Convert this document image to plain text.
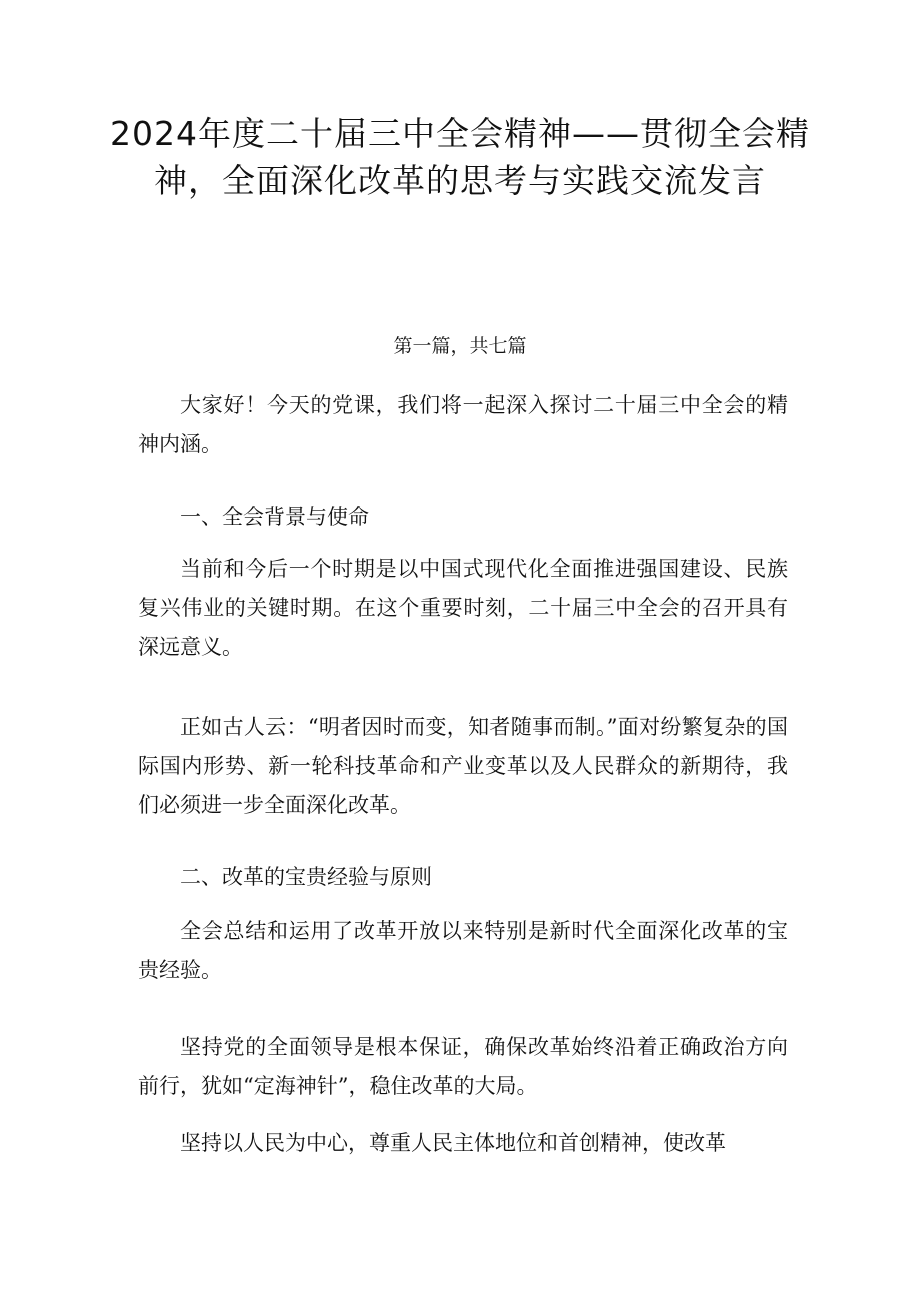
2024年度二十届三中全会精神——贯彻全会精神，全面深化改革的思考与实践交流发言

第一篇，共七篇

大家好！今天的党课，我们将一起深入探讨二十届三中全会的精神内涵。

一、全会背景与使命

当前和今后一个时期是以中国式现代化全面推进强国建设、民族复兴伟业的关键时期。在这个重要时刻，二十届三中全会的召开具有深远意义。

正如古人云：“明者因时而变，知者随事而制。”面对纷繁复杂的国际国内形势、新一轮科技革命和产业变革以及人民群众的新期待，我们必须进一步全面深化改革。

二、改革的宝贵经验与原则

全会总结和运用了改革开放以来特别是新时代全面深化改革的宝贵经验。

坚持党的全面领导是根本保证，确保改革始终沿着正确政治方向前行，犹如“定海神针”，稳住改革的大局。

坚持以人民为中心，尊重人民主体地位和首创精神，使改革
